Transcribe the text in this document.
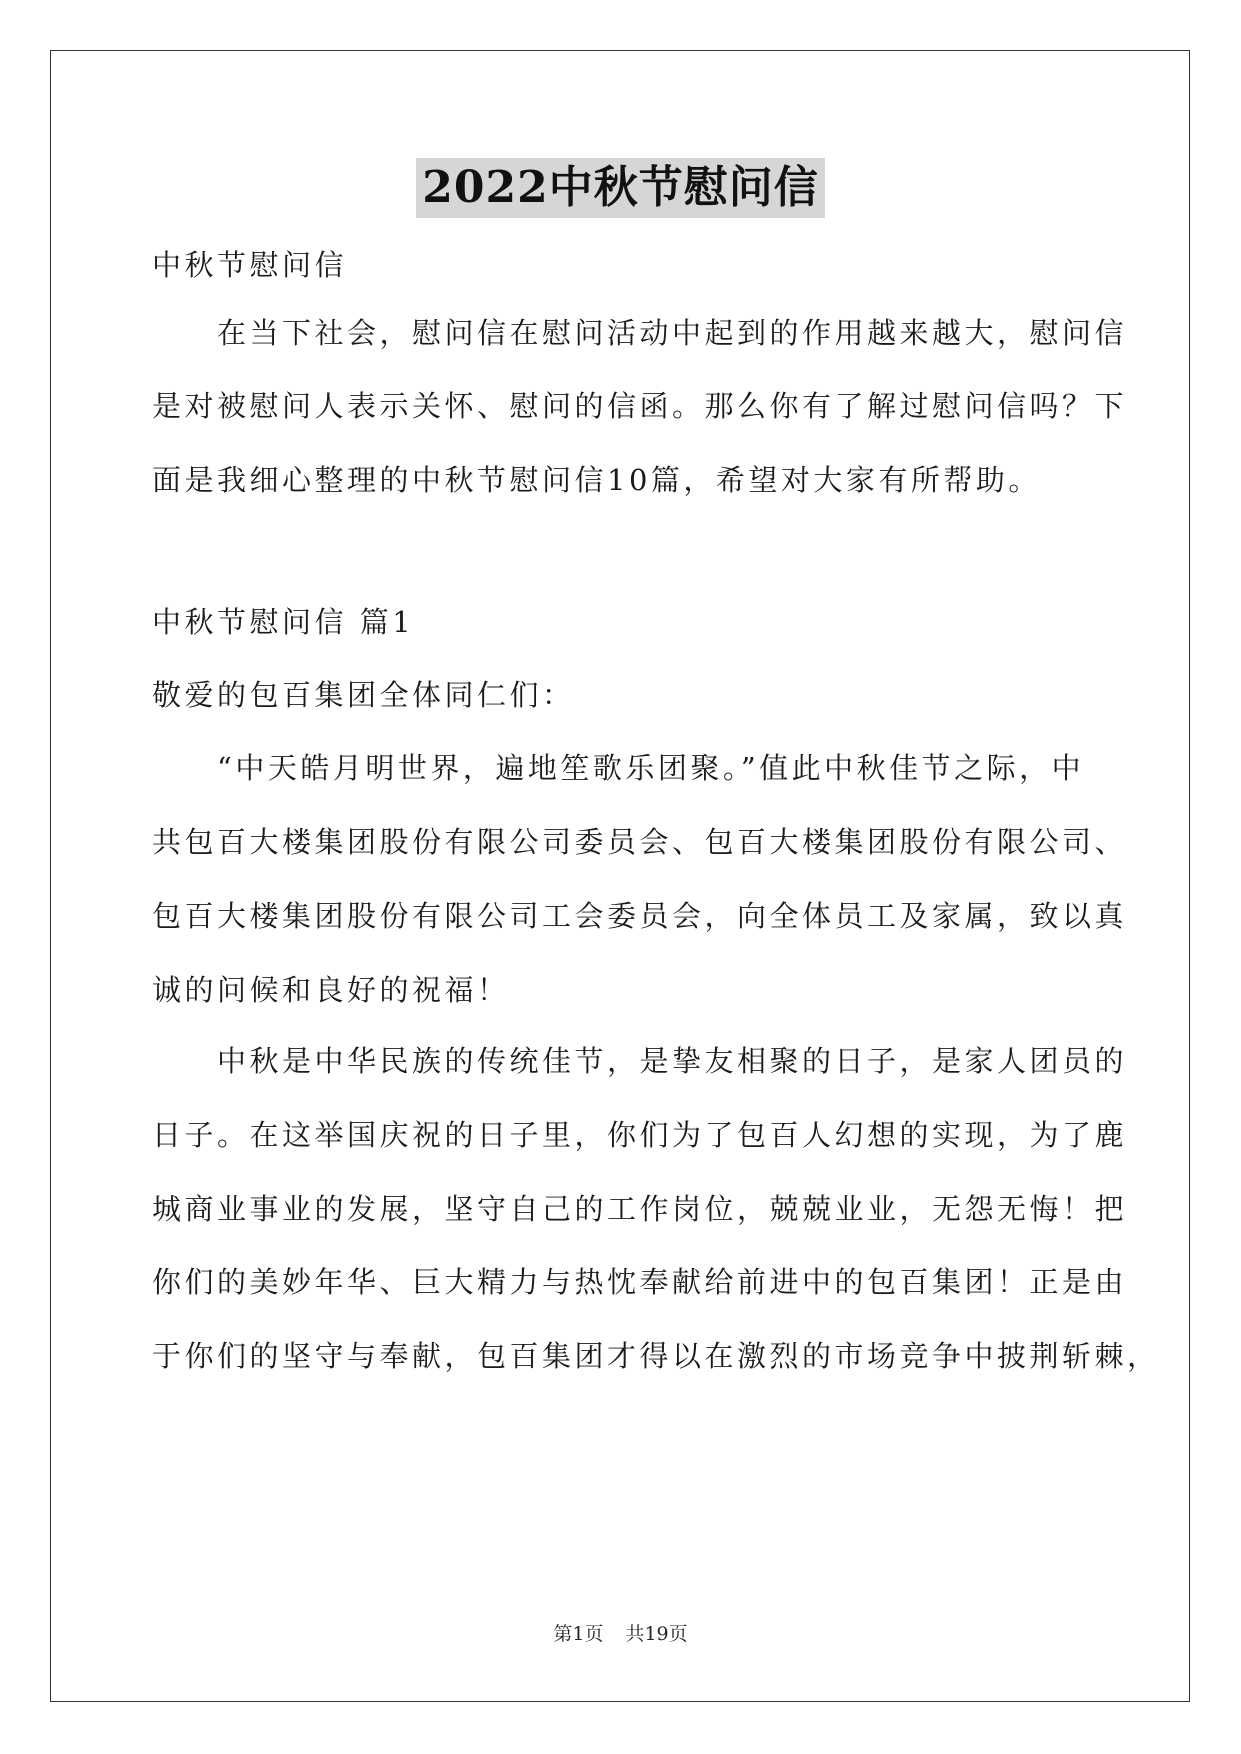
2022中秋节慰问信

中秋节慰问信

　　在当下社会，慰问信在慰问活动中起到的作用越来越大，慰问信

是对被慰问人表示关怀、慰问的信函。那么你有了解过慰问信吗？下

面是我细心整理的中秋节慰问信10篇，希望对大家有所帮助。

中秋节慰问信 篇1

敬爱的包百集团全体同仁们：

　　“中天皓月明世界，遍地笙歌乐团聚。”值此中秋佳节之际，中

共包百大楼集团股份有限公司委员会、包百大楼集团股份有限公司、

包百大楼集团股份有限公司工会委员会，向全体员工及家属，致以真

诚的问候和良好的祝福！

　　中秋是中华民族的传统佳节，是挚友相聚的日子，是家人团员的

日子。在这举国庆祝的日子里，你们为了包百人幻想的实现，为了鹿

城商业事业的发展，坚守自己的工作岗位，兢兢业业，无怨无悔！把

你们的美妙年华、巨大精力与热忱奉献给前进中的包百集团！正是由

于你们的坚守与奉献，包百集团才得以在激烈的市场竞争中披荆斩棘，

第1页 共19页
